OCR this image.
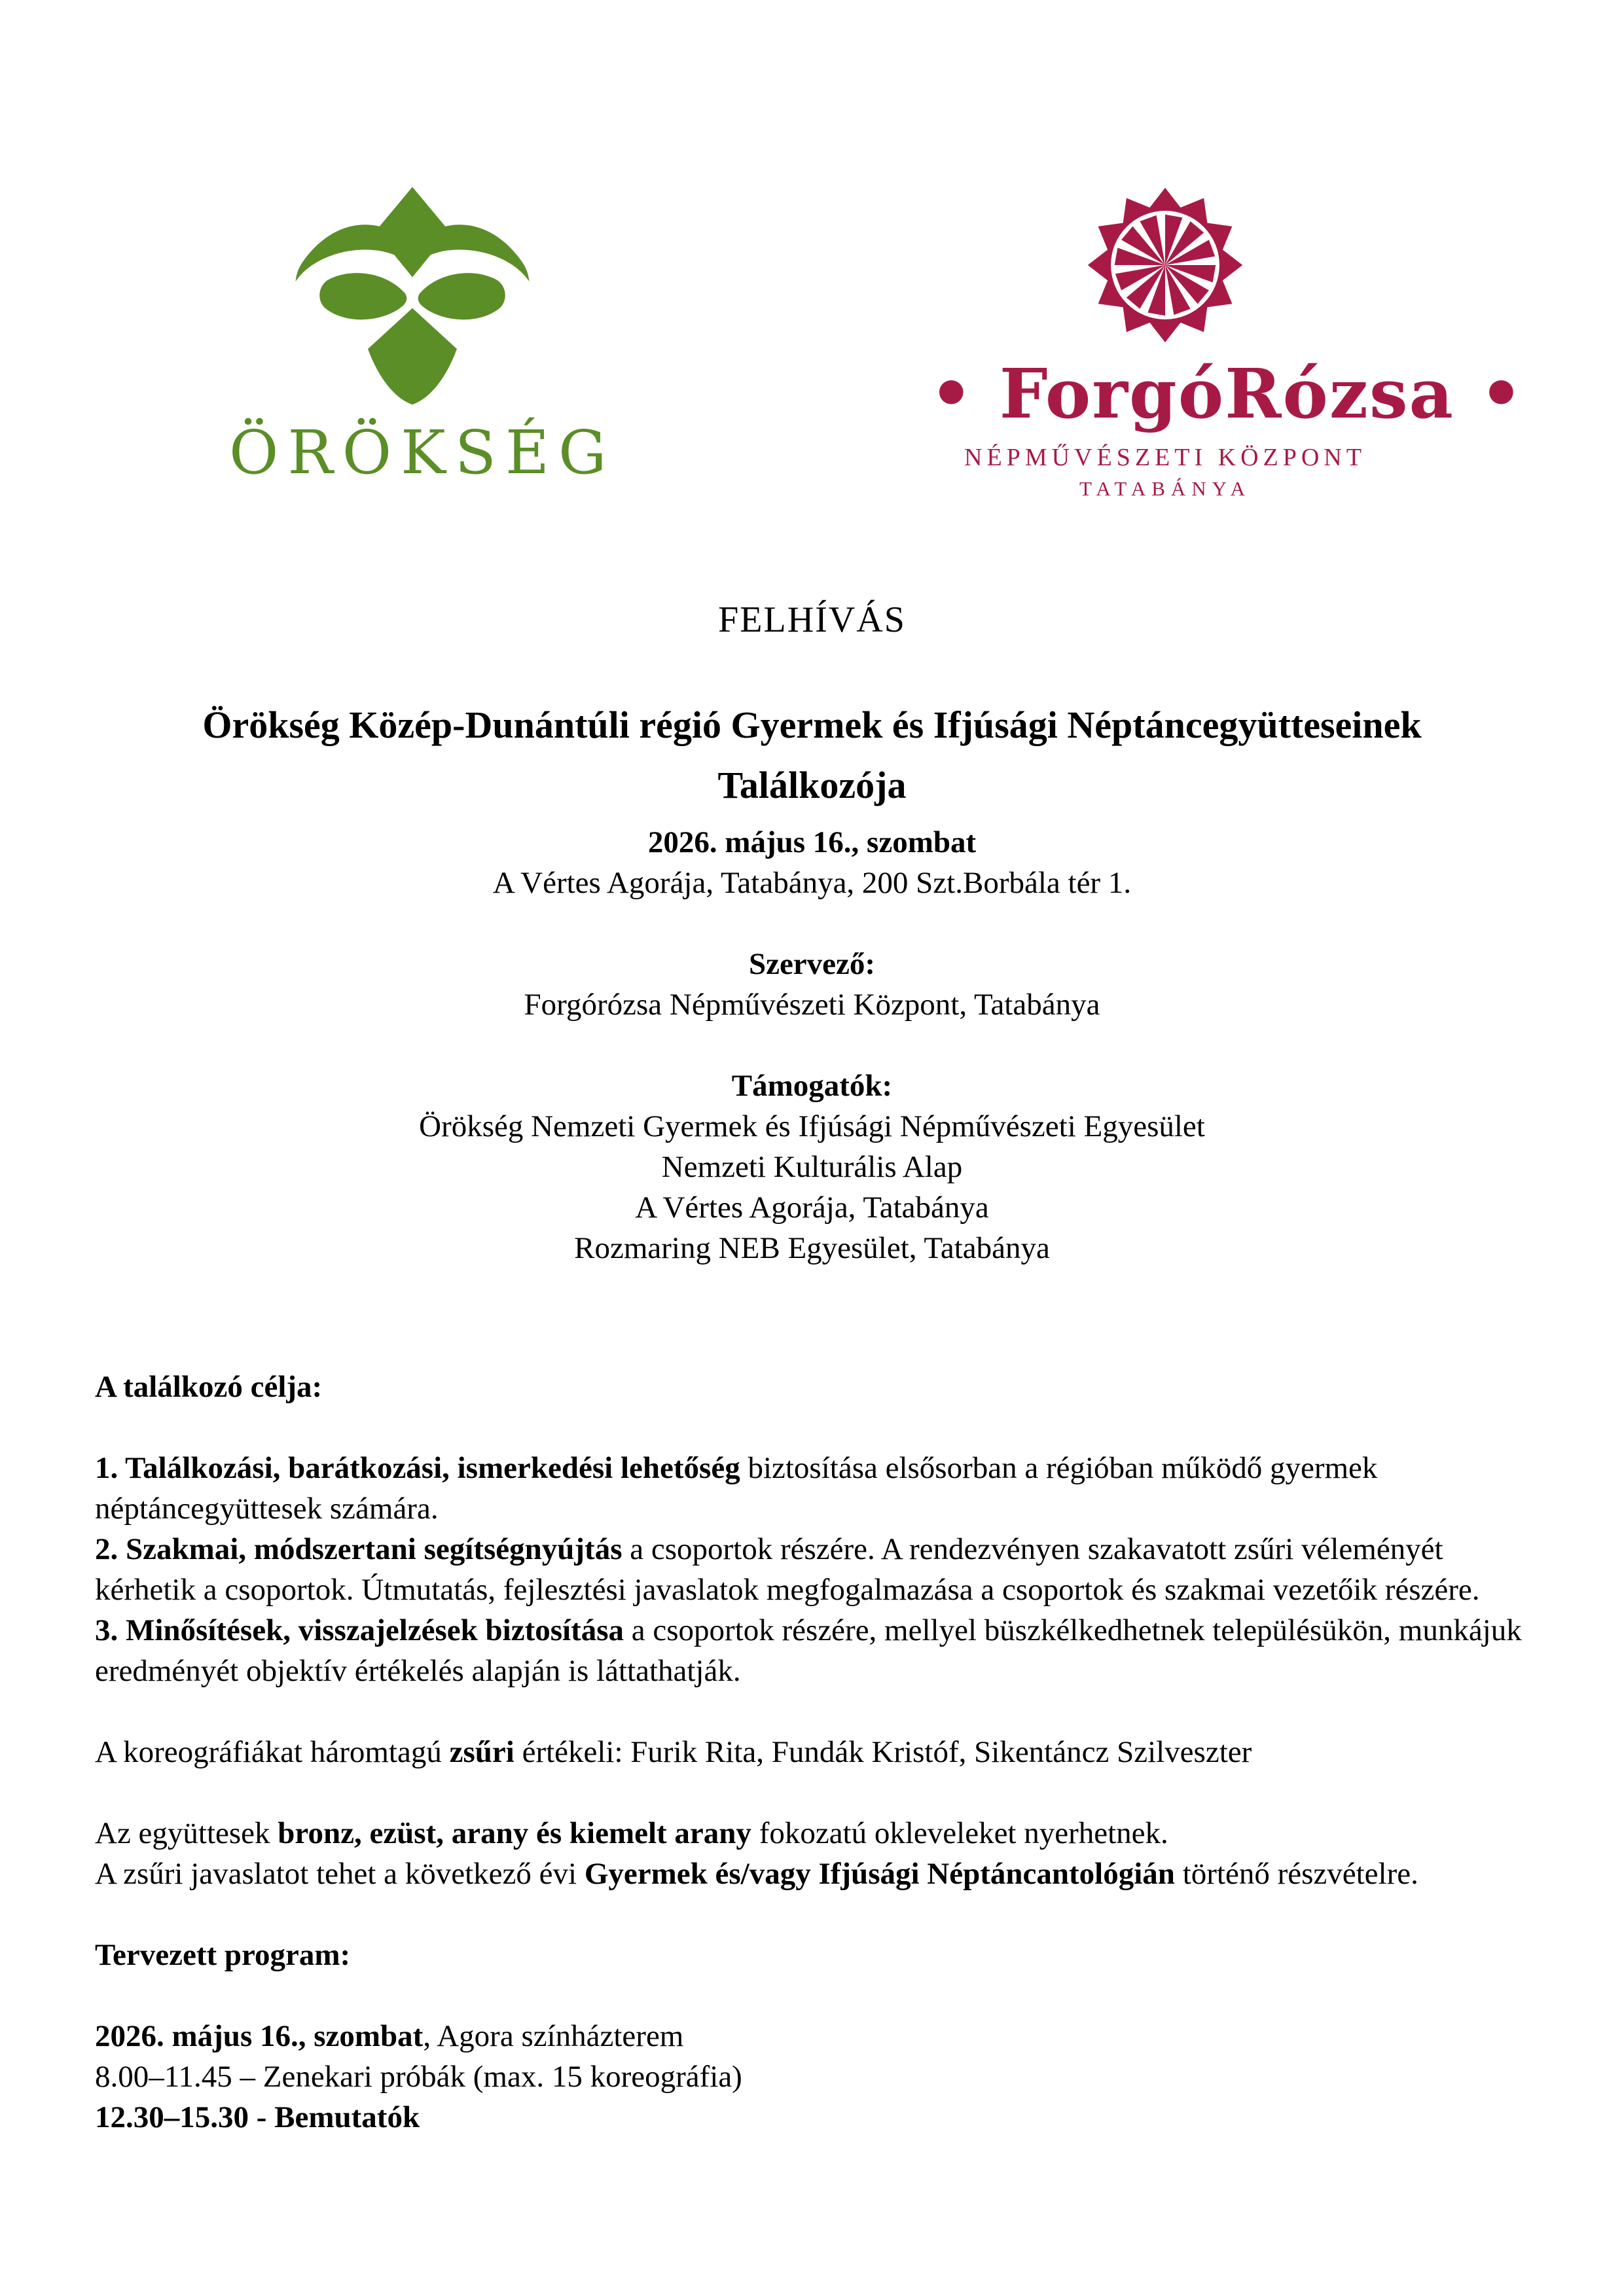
ÖRÖKSÉG
• ForgóRózsa •
NÉPMŰVÉSZETI KÖZPONT
TATABÁNYA
FELHÍVÁS
Örökség Közép-Dunántúli régió Gyermek és Ifjúsági Néptáncegyütteseinek
Találkozója
2026. május 16., szombat
A Vértes Agorája, Tatabánya, 200 Szt.Borbála tér 1.
Szervező:
Forgórózsa Népművészeti Központ, Tatabánya
Támogatók:
Örökség Nemzeti Gyermek és Ifjúsági Népművészeti Egyesület
Nemzeti Kulturális Alap
A Vértes Agorája, Tatabánya
Rozmaring NEB Egyesület, Tatabánya
A találkozó célja:

1. Találkozási, barátkozási, ismerkedési lehetőség biztosítása elsősorban a régióban működő gyermek néptáncegyüttesek számára.

2. Szakmai, módszertani segítségnyújtás a csoportok részére. A rendezvényen szakavatott zsűri véleményét kérhetik a csoportok. Útmutatás, fejlesztési javaslatok megfogalmazása a csoportok és szakmai vezetőik részére.

3. Minősítések, visszajelzések biztosítása a csoportok részére, mellyel büszkélkedhetnek településükön, munkájuk eredményét objektív értékelés alapján is láttathatják.

A koreográfiákat háromtagú zsűri értékeli: Furik Rita, Fundák Kristóf, Sikentáncz Szilveszter

Az együttesek bronz, ezüst, arany és kiemelt arany fokozatú okleveleket nyerhetnek.

A zsűri javaslatot tehet a következő évi Gyermek és/vagy Ifjúsági Néptáncantológián történő részvételre.

Tervezett program:

2026. május 16., szombat, Agora színházterem

8.00–11.45 – Zenekari próbák (max. 15 koreográfia)

12.30–15.30 - Bemutatók
